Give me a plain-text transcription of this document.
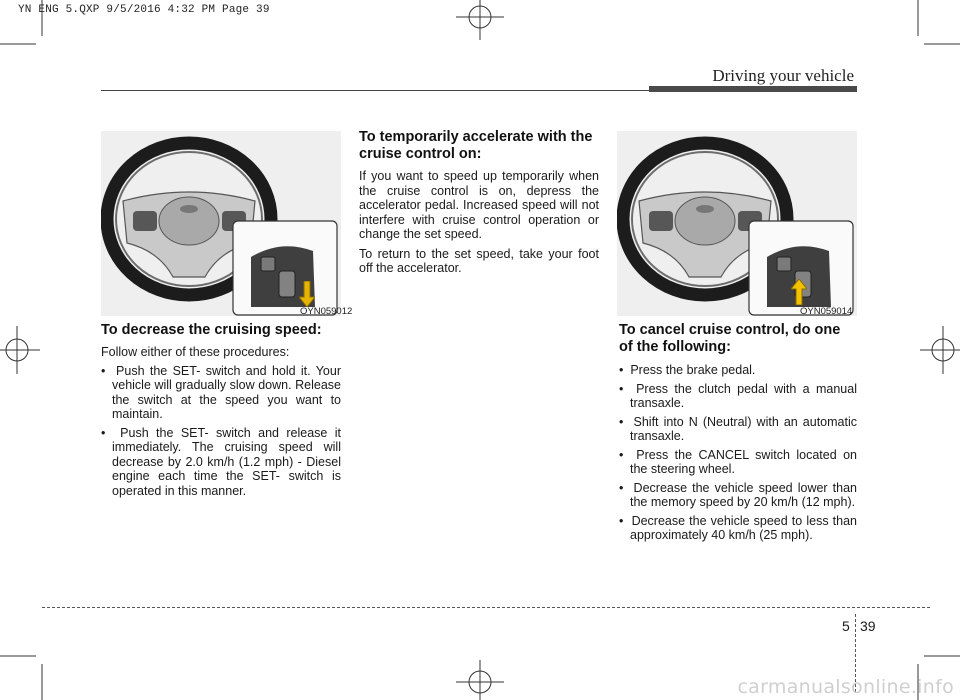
YN ENG 5.QXP 9/5/2016 4:32 PM Page 39
Driving your vehicle
OYN059012
To decrease the cruising speed:

Follow either of these procedures:

•  Push the SET- switch and hold it. Your vehicle will gradually slow down. Release the switch at the speed you want to maintain.
•  Push the SET- switch and release it immediately. The cruising speed will decrease by 2.0 km/h (1.2 mph) - Diesel engine each time the SET- switch is operated in this manner.
To temporarily accelerate with the cruise control on:

If you want to speed up temporarily when the cruise control is on, depress the accelerator pedal. Increased speed will not interfere with cruise control operation or change the set speed.

To return to the set speed, take your foot off the accelerator.

OYN059014
To cancel cruise control, do one of the following:
•  Press the brake pedal.
•  Press the clutch pedal with a manual transaxle.
•  Shift into N (Neutral) with an automatic transaxle.
•  Press the CANCEL switch located on the steering wheel.
•  Decrease the vehicle speed lower than the memory speed by 20 km/h (12 mph).
•  Decrease the vehicle speed to less than approximately 40 km/h (25 mph).
5 39
carmanualsonline.info
